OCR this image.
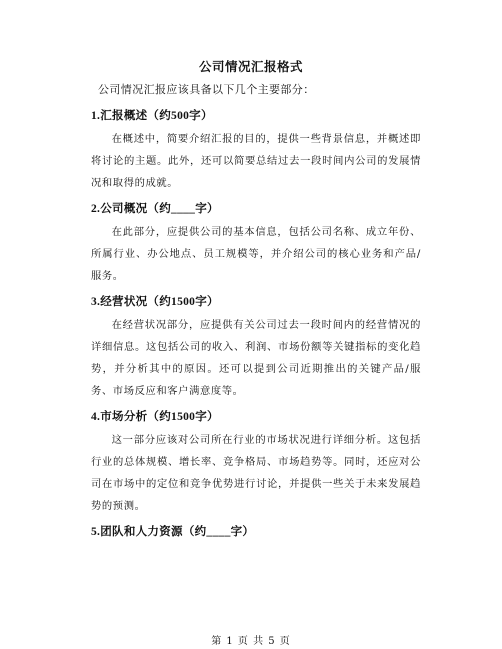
公司情况汇报格式

公司情况汇报应该具备以下几个主要部分：

1.汇报概述（约500字）

在概述中，简要介绍汇报的目的，提供一些背景信息，并概述即将讨论的主题。此外，还可以简要总结过去一段时间内公司的发展情况和取得的成就。

2.公司概况（约____字）

在此部分，应提供公司的基本信息，包括公司名称、成立年份、所属行业、办公地点、员工规模等，并介绍公司的核心业务和产品/服务。

3.经营状况（约1500字）

在经营状况部分，应提供有关公司过去一段时间内的经营情况的详细信息。这包括公司的收入、利润、市场份额等关键指标的变化趋势，并分析其中的原因。还可以提到公司近期推出的关键产品/服务、市场反应和客户满意度等。

4.市场分析（约1500字）

这一部分应该对公司所在行业的市场状况进行详细分析。这包括行业的总体规模、增长率、竞争格局、市场趋势等。同时，还应对公司在市场中的定位和竞争优势进行讨论，并提供一些关于未来发展趋势的预测。

5.团队和人力资源（约____字）
第 1 页 共 5 页
